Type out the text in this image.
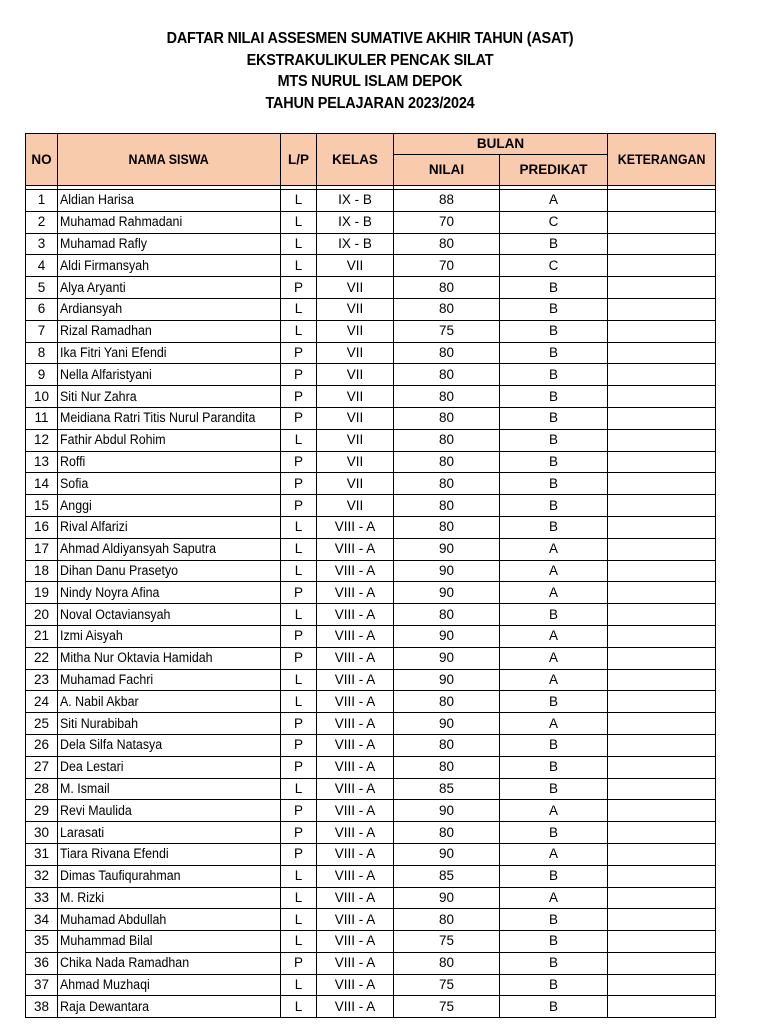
DAFTAR NILAI ASSESMEN SUMATIVE AKHIR TAHUN (ASAT)
EKSTRAKULIKULER PENCAK SILAT
MTS NURUL ISLAM DEPOK
TAHUN PELAJARAN 2023/2024
NO	NAMA SISWA	L/P	KELAS	BULAN		KETERANGAN
				NILAI	PREDIKAT	

1	Aldian Harisa	L	IX - B	88	A	
2	Muhamad Rahmadani	L	IX - B	70	C	
3	Muhamad Rafly	L	IX - B	80	B	
4	Aldi Firmansyah	L	VII	70	C	
5	Alya Aryanti	P	VII	80	B	
6	Ardiansyah	L	VII	80	B	
7	Rizal Ramadhan	L	VII	75	B	
8	Ika Fitri Yani Efendi	P	VII	80	B	
9	Nella Alfaristyani	P	VII	80	B	
10	Siti Nur Zahra	P	VII	80	B	
11	Meidiana Ratri Titis Nurul Parandita	P	VII	80	B	
12	Fathir Abdul Rohim	L	VII	80	B	
13	Roffi	P	VII	80	B	
14	Sofia	P	VII	80	B	
15	Anggi	P	VII	80	B	
16	Rival Alfarizi	L	VIII - A	80	B	
17	Ahmad Aldiyansyah Saputra	L	VIII - A	90	A	
18	Dihan Danu Prasetyo	L	VIII - A	90	A	
19	Nindy Noyra Afina	P	VIII - A	90	A	
20	Noval Octaviansyah	L	VIII - A	80	B	
21	Izmi Aisyah	P	VIII - A	90	A	
22	Mitha Nur Oktavia Hamidah	P	VIII - A	90	A	
23	Muhamad Fachri	L	VIII - A	90	A	
24	A. Nabil Akbar	L	VIII - A	80	B	
25	Siti Nurabibah	P	VIII - A	90	A	
26	Dela Silfa Natasya	P	VIII - A	80	B	
27	Dea Lestari	P	VIII - A	80	B	
28	M. Ismail	L	VIII - A	85	B	
29	Revi Maulida	P	VIII - A	90	A	
30	Larasati	P	VIII - A	80	B	
31	Tiara Rivana Efendi	P	VIII - A	90	A	
32	Dimas Taufiqurahman	L	VIII - A	85	B	
33	M. Rizki	L	VIII - A	90	A	
34	Muhamad Abdullah	L	VIII - A	80	B	
35	Muhammad Bilal	L	VIII - A	75	B	
36	Chika Nada Ramadhan	P	VIII - A	80	B	
37	Ahmad Muzhaqi	L	VIII - A	75	B	
38	Raja Dewantara	L	VIII - A	75	B	
